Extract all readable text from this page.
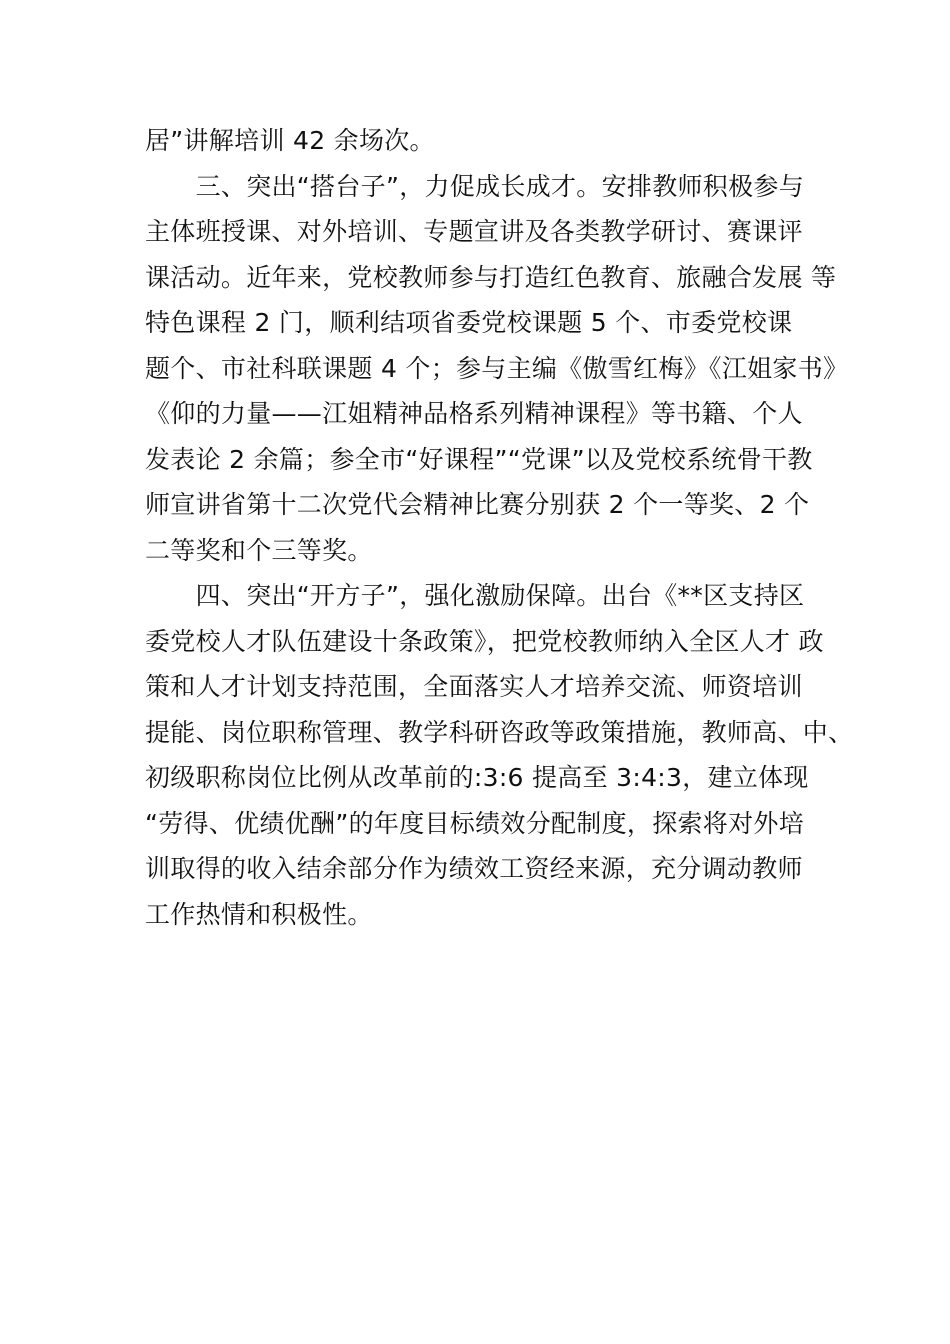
居”讲解培训 42 余场次。
　　三、突出“搭台子”，力促成长成才。安排教师积极参与
主体班授课、对外培训、专题宣讲及各类教学研讨、赛课评
课活动。近年来，党校教师参与打造红色教育、旅融合发展 等
特色课程 2 门，顺利结项省委党校课题 5 个、市委党校课
题个、市社科联课题 4 个；参与主编《傲雪红梅》《江姐家书》
《仰的力量——江姐精神品格系列精神课程》等书籍、个人
发表论 2 余篇；参全市“好课程”“党课”以及党校系统骨干教
师宣讲省第十二次党代会精神比赛分别获 2 个一等奖、2 个
二等奖和个三等奖。
　　四、突出“开方子”，强化激励保障。出台《**区支持区
委党校人才队伍建设十条政策》，把党校教师纳入全区人才 政
策和人才计划支持范围，全面落实人才培养交流、师资培训
提能、岗位职称管理、教学科研咨政等政策措施，教师高、中、
初级职称岗位比例从改革前的:3:6 提高至 3:4:3，建立体现
“劳得、优绩优酬”的年度目标绩效分配制度，探索将对外培
训取得的收入结余部分作为绩效工资经来源，充分调动教师
工作热情和积极性。
